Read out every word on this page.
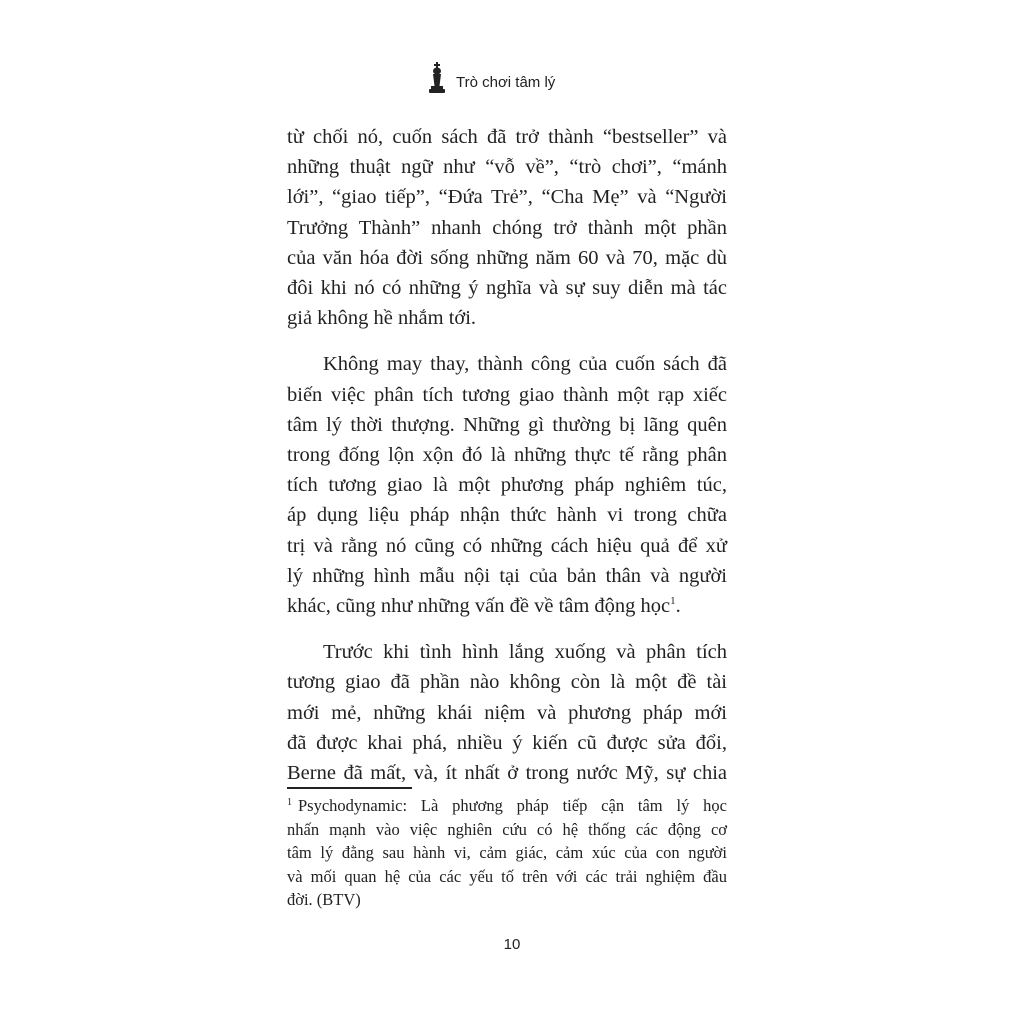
Trò chơi tâm lý
từ chối nó, cuốn sách đã trở thành “bestseller” và
những thuật ngữ như “vỗ về”, “trò chơi”, “mánh
lới”, “giao tiếp”, “Đứa Trẻ”, “Cha Mẹ” và “Người
Trưởng Thành” nhanh chóng trở thành một phần
của văn hóa đời sống những năm 60 và 70, mặc dù
đôi khi nó có những ý nghĩa và sự suy diễn mà tác
giả không hề nhắm tới.
Không may thay, thành công của cuốn sách đã
biến việc phân tích tương giao thành một rạp xiếc
tâm lý thời thượng. Những gì thường bị lãng quên
trong đống lộn xộn đó là những thực tế rằng phân
tích tương giao là một phương pháp nghiêm túc,
áp dụng liệu pháp nhận thức hành vi trong chữa
trị và rằng nó cũng có những cách hiệu quả để xử
lý những hình mẫu nội tại của bản thân và người
khác, cũng như những vấn đề về tâm động học$^1$.
Trước khi tình hình lắng xuống và phân tích
tương giao đã phần nào không còn là một đề tài
mới mẻ, những khái niệm và phương pháp mới
đã được khai phá, nhiều ý kiến cũ được sửa đổi,
Berne đã mất, và, ít nhất ở trong nước Mỹ, sự chia
$^1$ Psychodynamic: Là phương pháp tiếp cận tâm lý học
nhấn mạnh vào việc nghiên cứu có hệ thống các động cơ
tâm lý đằng sau hành vi, cảm giác, cảm xúc của con người
và mối quan hệ của các yếu tố trên với các trải nghiệm đầu
đời. (BTV)
10
